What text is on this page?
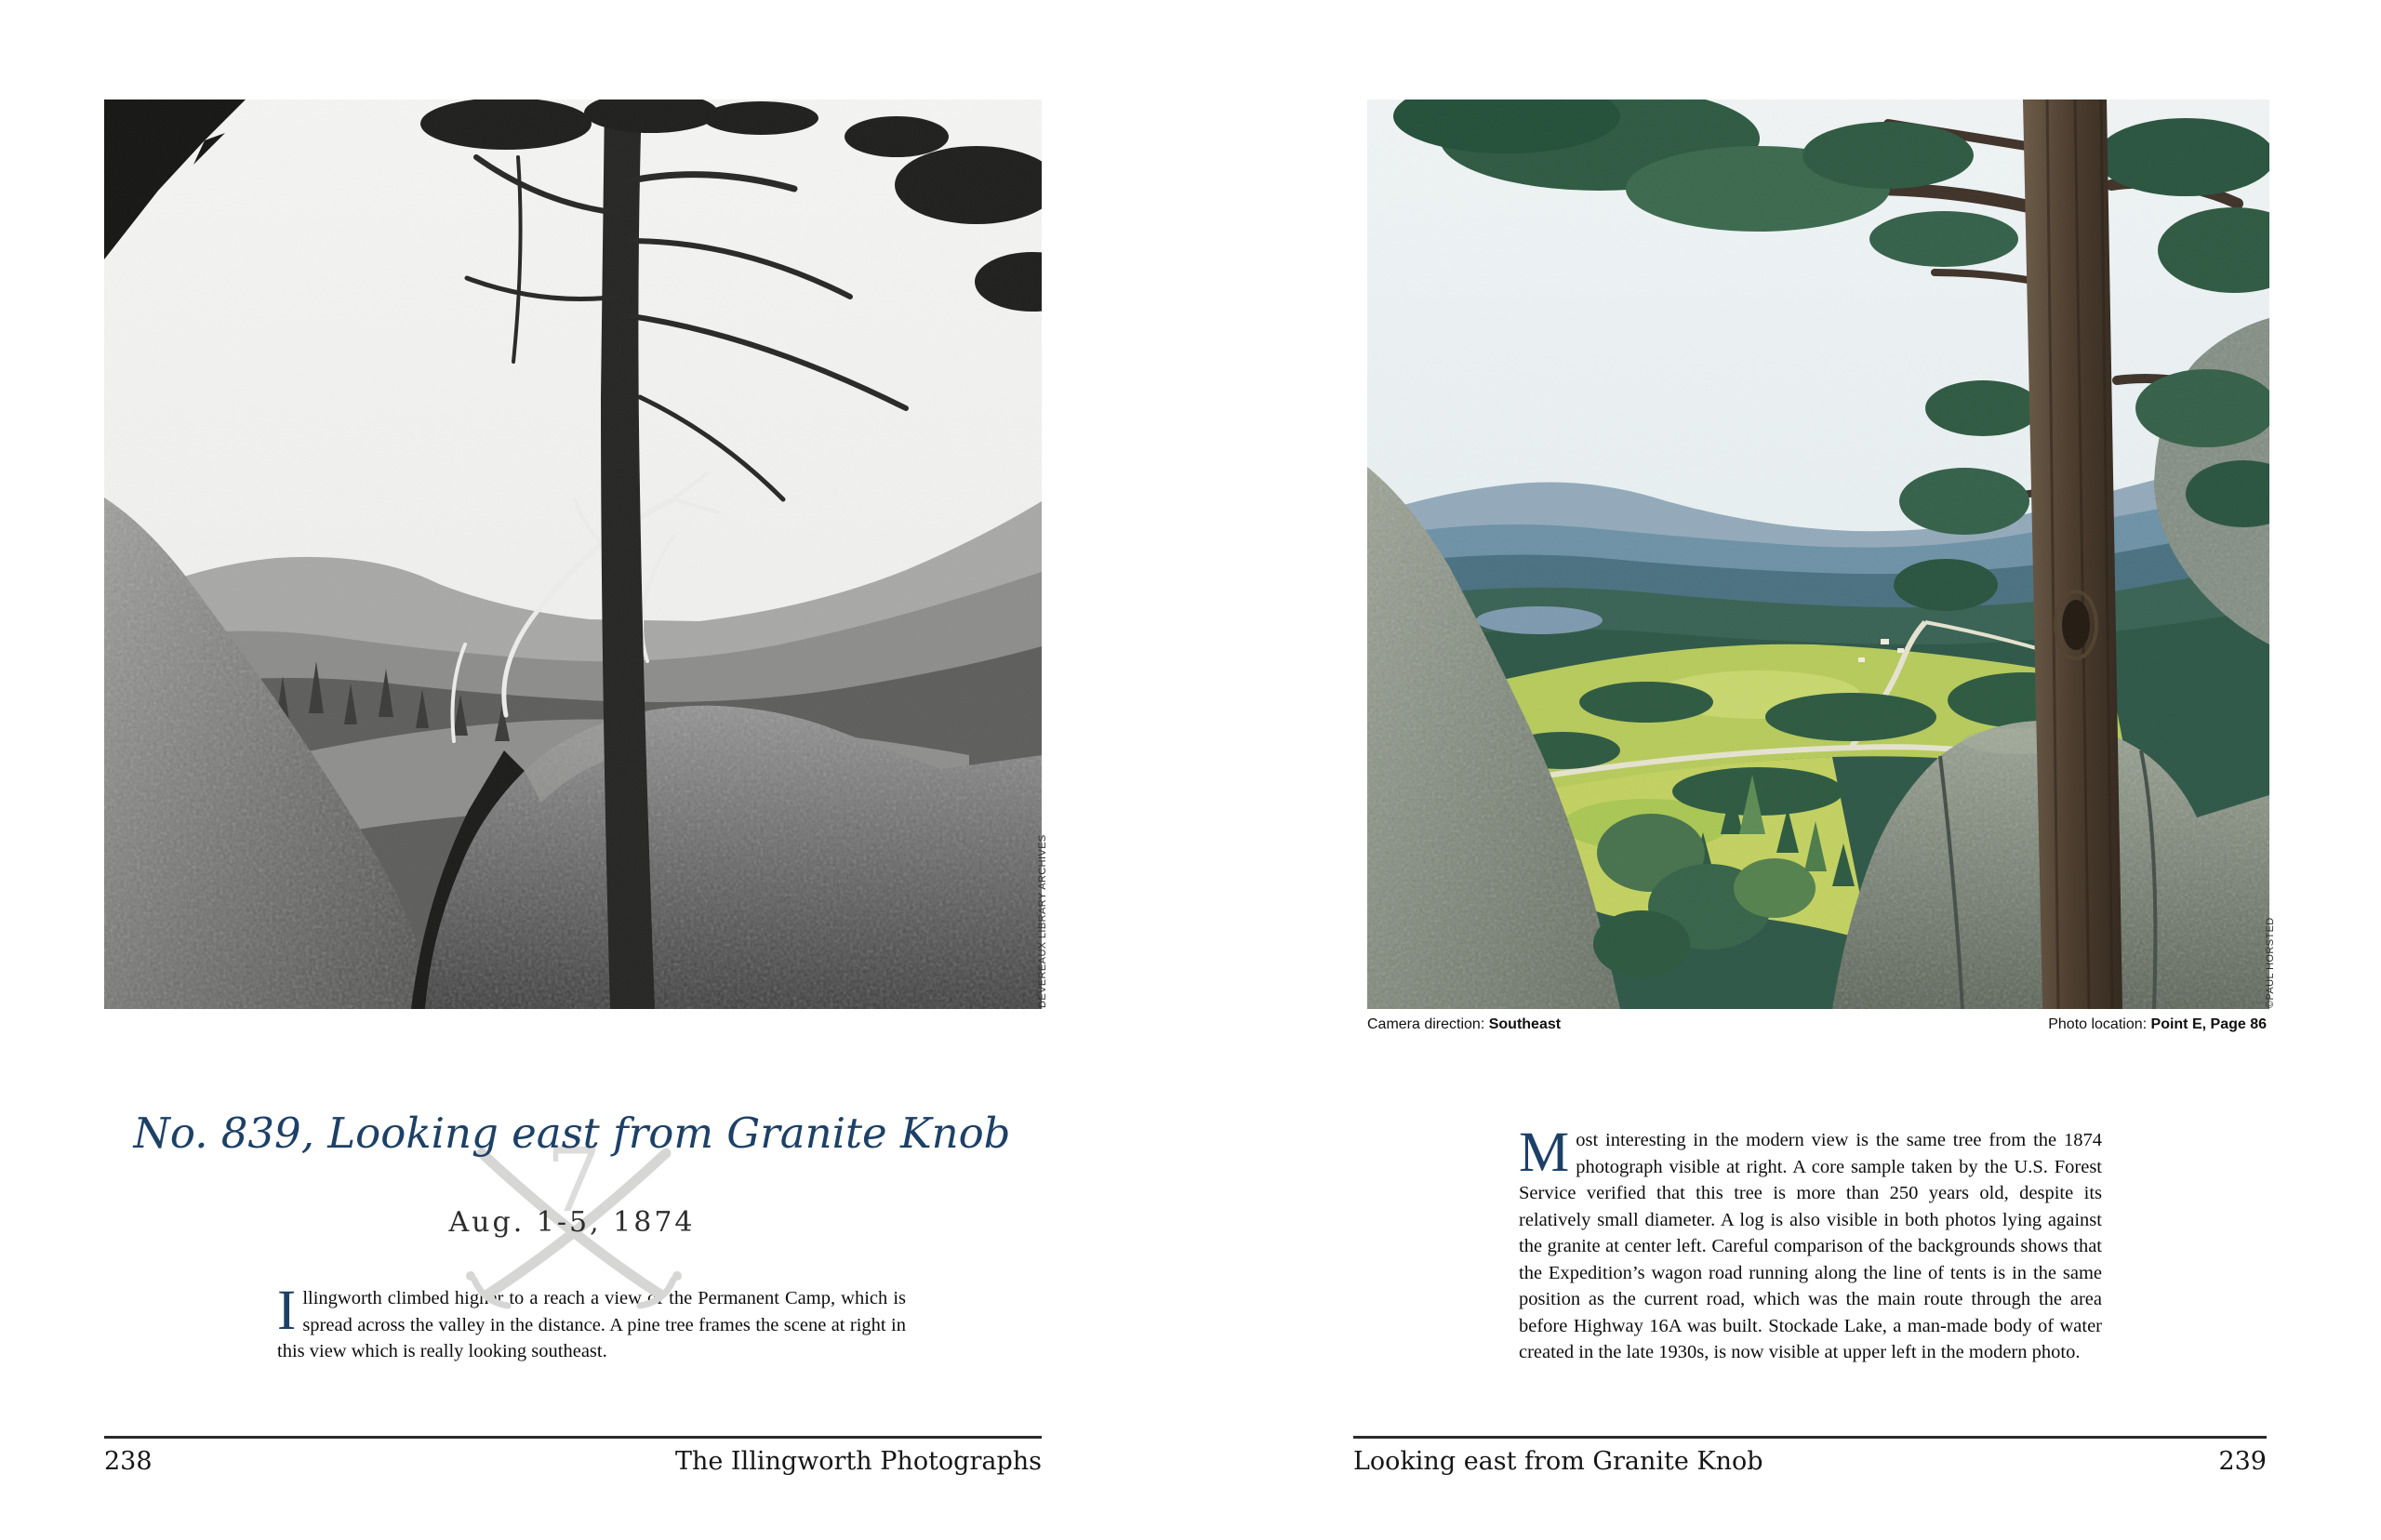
DEVEREAUX LIBRARY ARCHIVES
7
No. 839, Looking east from Granite Knob
Aug. 1-5, 1874

Illingworth climbed higher to a reach a view of the Permanent Camp, which is spread across the valley in the distance. A pine tree frames the scene at right in this view which is really looking southeast.

238	The Illingworth Photographs
©PAUL HORSTED
Camera direction: Southeast	Photo location: Point E, Page 86

Most interesting in the modern view is the same tree from the 1874 photograph visible at right. A core sample taken by the U.S. Forest Service verified that this tree is more than 250 years old, despite its relatively small diameter. A log is also visible in both photos lying against the granite at center left. Careful comparison of the backgrounds shows that the Expedition’s wagon road running along the line of tents is in the same position as the current road, which was the main route through the area before Highway 16A was built. Stockade Lake, a man-made body of water created in the late 1930s, is now visible at upper left in the modern photo.

Looking east from Granite Knob	239
